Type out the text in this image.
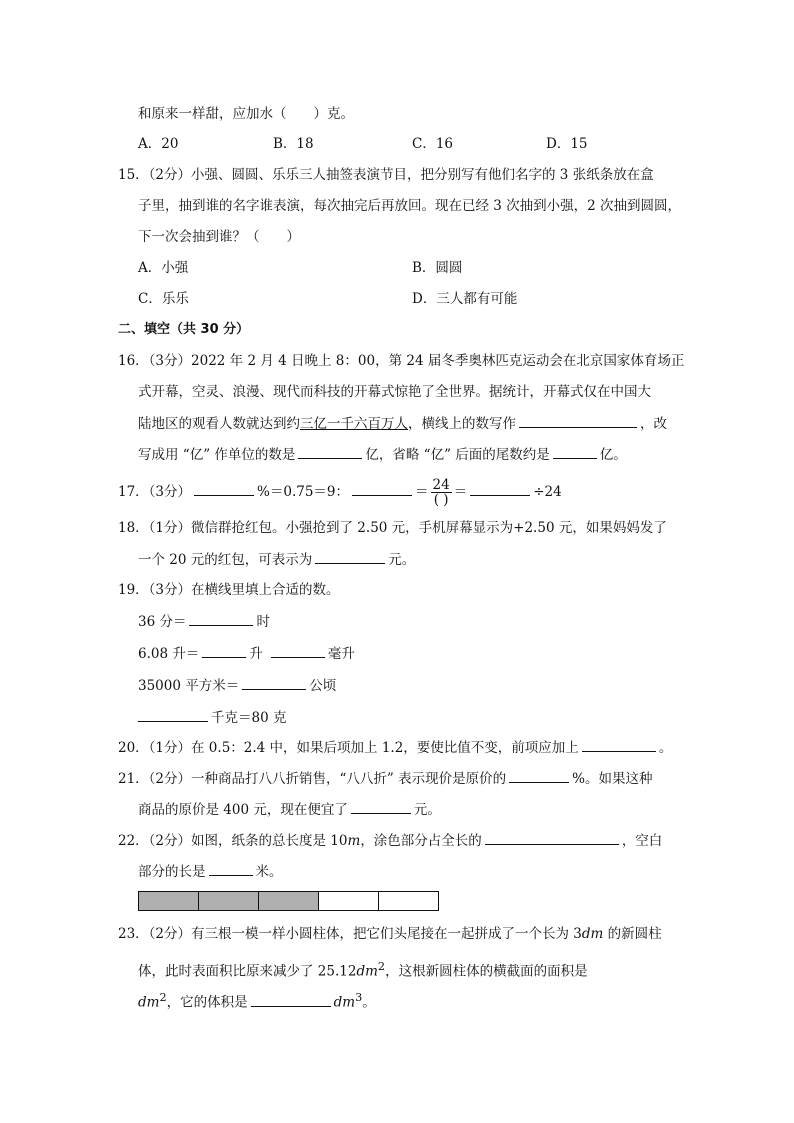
和原来一样甜，应加水（　　）克。
A．20	B．18	C．16	D．15
15．（2分）小强、圆圆、乐乐三人抽签表演节目，把分别写有他们名字的 3 张纸条放在盒
子里，抽到谁的名字谁表演，每次抽完后再放回。现在已经 3 次抽到小强，2 次抽到圆圆，
下一次会抽到谁？（　　）
A．小强	B．圆圆
C．乐乐	D．三人都有可能
二、填空（共 30 分）
16．（3分）2022 年 2 月 4 日晚上 8：00，第 24 届冬季奥林匹克运动会在北京国家体育场正
式开幕，空灵、浪漫、现代而科技的开幕式惊艳了全世界。据统计，开幕式仅在中国大
陆地区的观看人数就达到约三亿一千六百万人，横线上的数写作	，改
写成用 “亿” 作单位的数是	亿，省略 “亿” 后面的尾数约是	亿。
17．（3分）	%＝0.75＝9：	＝ $\frac{24}{( )}$ ＝	÷24
18．（1分）微信群抢红包。小强抢到了 2.50 元，手机屏幕显示为+2.50 元，如果妈妈发了
一个 20 元的红包，可表示为	元。
19．（3分）在横线里填上合适的数。
36 分＝	时
6.08 升＝	升	毫升
35000 平方米＝	公顷
千克＝80 克
20．（1分）在 0.5：2.4 中，如果后项加上 1.2，要使比值不变，前项应加上	。
21．（2分）一种商品打八八折销售，“八八折” 表示现价是原价的	%。如果这种
商品的原价是 400 元，现在便宜了	元。
22．（2分）如图，纸条的总长度是 10m，涂色部分占全长的	，空白
部分的长是	米。
23．（2分）有三根一模一样小圆柱体，把它们头尾接在一起拼成了一个长为 3dm 的新圆柱
体，此时表面积比原来减少了 $25.12dm^2$，这根新圆柱体的横截面的面积是
$dm^2$，它的体积是	$dm^3$。
